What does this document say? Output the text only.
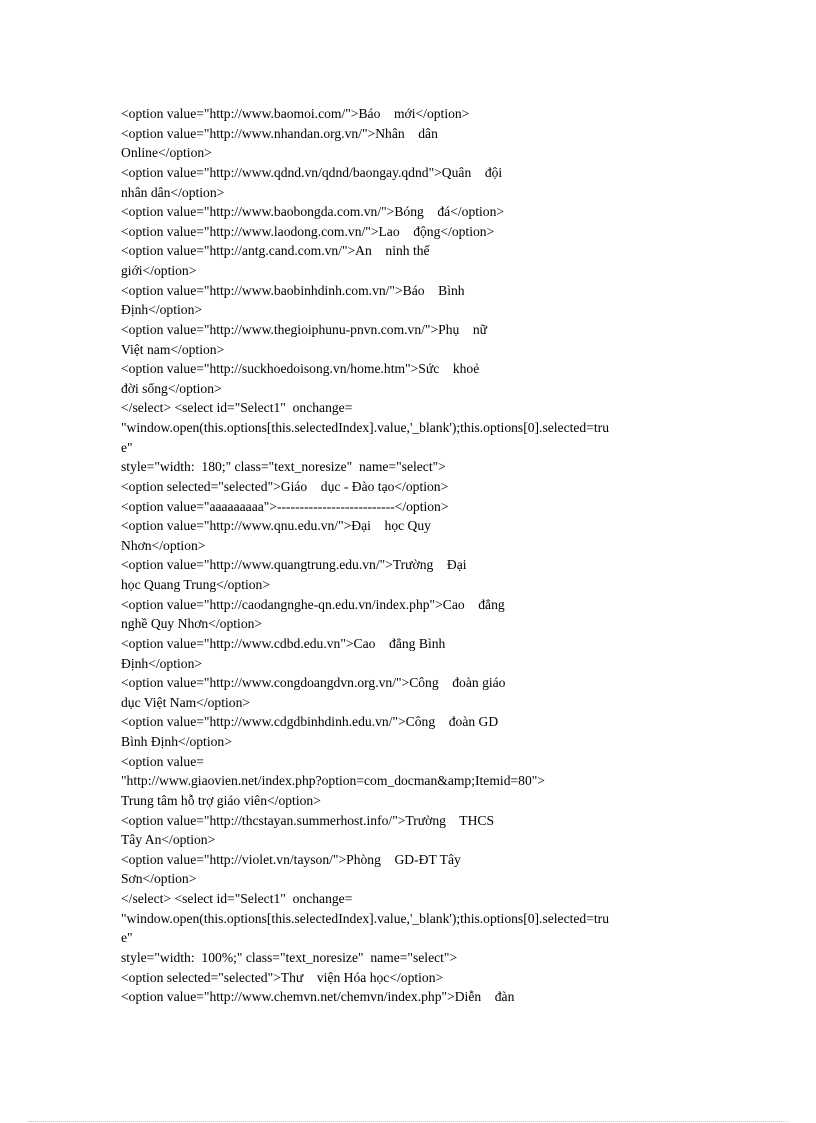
<option value="http://www.baomoi.com/">Báo    mới</option>
<option value="http://www.nhandan.org.vn/">Nhân    dân
Online</option>
<option value="http://www.qdnd.vn/qdnd/baongay.qdnd">Quân    đội
nhân dân</option>
<option value="http://www.baobongda.com.vn/">Bóng    đá</option>
<option value="http://www.laodong.com.vn/">Lao    động</option>
<option value="http://antg.cand.com.vn/">An    ninh thế
giới</option>
<option value="http://www.baobinhdinh.com.vn/">Báo    Bình
Định</option>
<option value="http://www.thegioiphunu-pnvn.com.vn/">Phụ    nữ
Việt nam</option>
<option value="http://suckhoedoisong.vn/home.htm">Sức    khoẻ
đời sống</option>
</select> <select id="Select1"  onchange=
"window.open(this.options[this.selectedIndex].value,'_blank');this.options[0].selected=tru
e"
style="width:  180;" class="text_noresize"  name="select">
<option selected="selected">Giáo    dục - Đào tạo</option>
<option value="aaaaaaaaa">--------------------------</option>
<option value="http://www.qnu.edu.vn/">Đại    học Quy
Nhơn</option>
<option value="http://www.quangtrung.edu.vn/">Trường    Đại
học Quang Trung</option>
<option value="http://caodangnghe-qn.edu.vn/index.php">Cao    đẳng
nghề Quy Nhơn</option>
<option value="http://www.cdbd.edu.vn">Cao    đẳng Bình
Định</option>
<option value="http://www.congdoangdvn.org.vn/">Công    đoàn giáo
dục Việt Nam</option>
<option value="http://www.cdgdbinhdinh.edu.vn/">Công    đoàn GD
Bình Định</option>
<option value=
"http://www.giaovien.net/index.php?option=com_docman&amp;Itemid=80">
Trung tâm hỗ trợ giáo viên</option>
<option value="http://thcstayan.summerhost.info/">Trường    THCS
Tây An</option>
<option value="http://violet.vn/tayson/">Phòng    GD-ĐT Tây
Sơn</option>
</select> <select id="Select1"  onchange=
"window.open(this.options[this.selectedIndex].value,'_blank');this.options[0].selected=tru
e"
style="width:  100%;" class="text_noresize"  name="select">
<option selected="selected">Thư    viện Hóa học</option>
<option value="http://www.chemvn.net/chemvn/index.php">Diễn    đàn
